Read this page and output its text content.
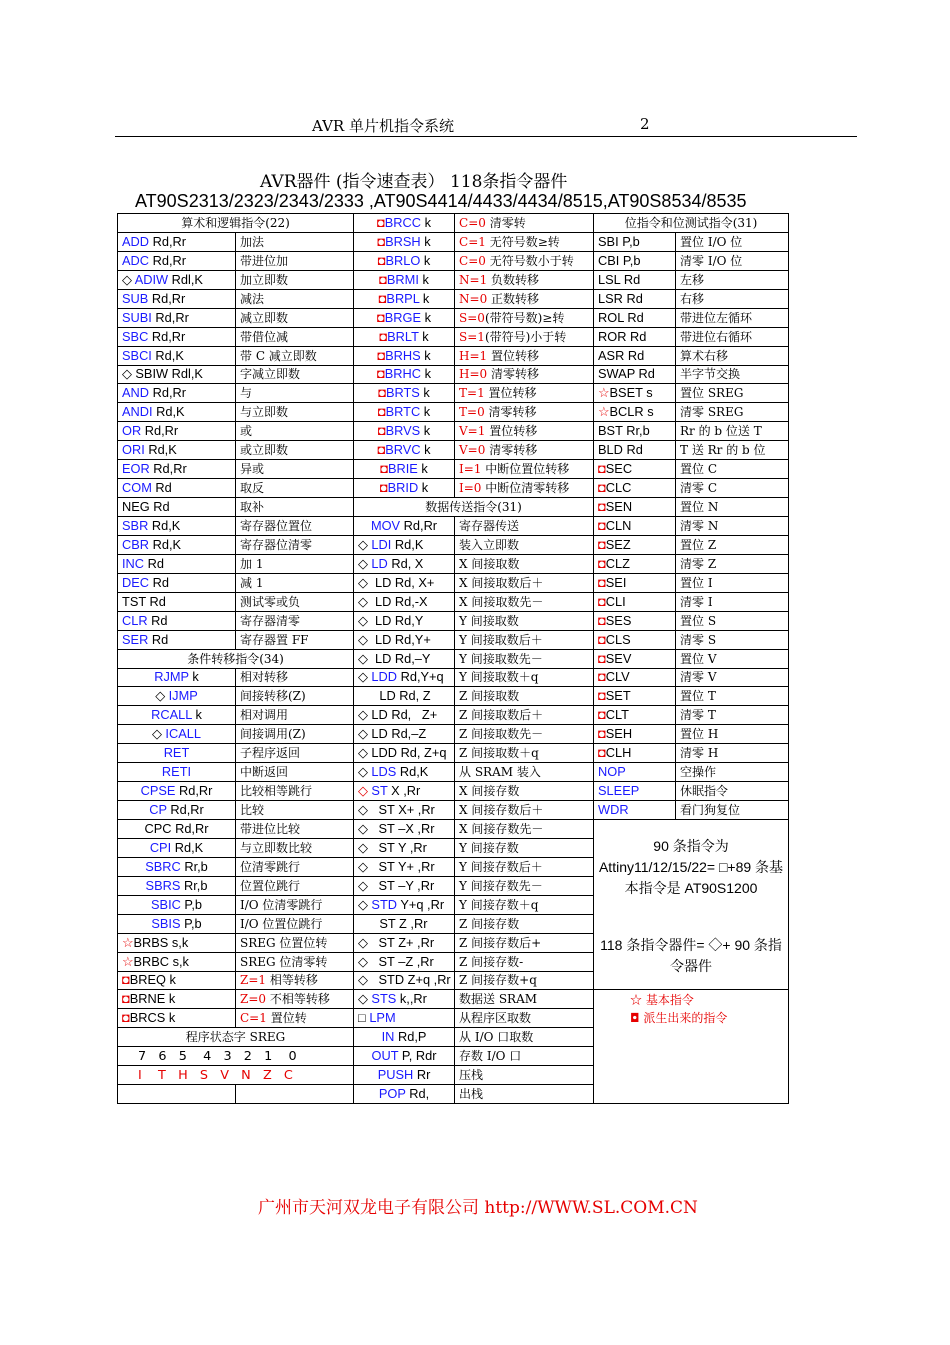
AVR 单片机指令系统	2
AVR器件 (指令速查表） 118条指令器件
AT90S2313/2323/2343/2333 ,AT90S4414/4433/4434/8515,AT90S8534/8535
算术和逻辑指令(22)		◘BRCC k	C=0 清零转	位指令和位测试指令(31)	
ADD Rd,Rr	加法	◘BRSH k	C=1 无符号数≥转	SBI P,b	置位 I/O 位
ADC Rd,Rr	带进位加	◘BRLO k	C=0 无符号数小于转	CBI P,b	清零 I/O 位
◇ ADIW Rdl,K	加立即数	◘BRMI k	N=1 负数转移	LSL Rd	左移
SUB Rd,Rr	减法	◘BRPL k	N=0 正数转移	LSR Rd	右移
SUBI Rd,Rr	减立即数	◘BRGE k	S=0(带符号数)≥转	ROL Rd	带进位左循环
SBC Rd,Rr	带借位减	◘BRLT k	S=1(带符号)小于转	ROR Rd	带进位右循环
SBCI Rd,K	带 C 减立即数	◘BRHS k	H=1 置位转移	ASR Rd	算术右移
◇ SBIW Rdl,K	字减立即数	◘BRHC k	H=0 清零转移	SWAP Rd	半字节交换
AND Rd,Rr	与	◘BRTS k	T=1 置位转移	☆BSET s	置位 SREG
ANDI Rd,K	与立即数	◘BRTC k	T=0 清零转移	☆BCLR s	清零 SREG
OR Rd,Rr	或	◘BRVS k	V=1 置位转移	BST Rr,b	Rr 的 b 位送 T
ORI Rd,K	或立即数	◘BRVC k	V=0 清零转移	BLD Rd	T 送 Rr 的 b 位
EOR Rd,Rr	异或	◘BRIE k	I=1 中断位置位转移	◘SEC	置位 C
COM Rd	取反	◘BRID k	I=0 中断位清零转移	◘CLC	清零 C
NEG Rd	取补	数据传送指令(31)		◘SEN	置位 N
SBR Rd,K	寄存器位置位	MOV Rd,Rr	寄存器传送	◘CLN	清零 N
CBR Rd,K	寄存器位清零	◇ LDI Rd,K	装入立即数	◘SEZ	置位 Z
INC Rd	加 1	◇ LD Rd, X	X 间接取数	◘CLZ	清零 Z
DEC Rd	减 1	◇  LD Rd, X+	X 间接取数后＋	◘SEI	置位 I
TST Rd	测试零或负	◇  LD Rd,-X	X 间接取数先－	◘CLI	清零 I
CLR Rd	寄存器清零	◇  LD Rd,Y	Y 间接取数	◘SES	置位 S
SER Rd	寄存器置 FF	◇  LD Rd,Y+	Y 间接取数后＋	◘CLS	清零 S
条件转移指令(34)		◇  LD Rd,–Y	Y 间接取数先－	◘SEV	置位 V
RJMP k	相对转移	◇ LDD Rd,Y+q	Y 间接取数＋q	◘CLV	清零 V
◇ IJMP	间接转移(Z)	LD Rd, Z	Z 间接取数	◘SET	置位 T
RCALL k	相对调用	◇ LD Rd,   Z+	Z 间接取数后＋	◘CLT	清零 T
◇ ICALL	间接调用(Z)	◇ LD Rd,–Z	Z 间接取数先－	◘SEH	置位 H
RET	子程序返回	◇ LDD Rd, Z+q	Z 间接取数＋q	◘CLH	清零 H
RETI	中断返回	◇ LDS Rd,K	从 SRAM 装入	NOP	空操作
CPSE Rd,Rr	比较相等跳行	◇ ST X ,Rr	X 间接存数	SLEEP	休眠指令
CP Rd,Rr	比较	◇   ST X+ ,Rr	X 间接存数后＋	WDR	看门狗复位
CPC Rd,Rr	带进位比较	◇   ST –X ,Rr	X 间接存数先－	90 条指令为 Attiny11/12/15/22= □+89 条基本指令是 AT90S1200	
CPI Rd,K	与立即数比较	◇   ST Y ,Rr	Y 间接存数		
SBRC Rr,b	位清零跳行	◇   ST Y+ ,Rr	Y 间接存数后＋		
SBRS Rr,b	位置位跳行	◇   ST –Y ,Rr	Y 间接存数先－		
SBIC P,b	I/O 位清零跳行	◇ STD Y+q ,Rr	Y 间接存数＋q		
SBIS P,b	I/O 位置位跳行	ST Z ,Rr	Z 间接存数		
☆BRBS s,k	SREG 位置位转	◇   ST Z+ ,Rr	Z 间接存数后+	118 条指令器件= ◇+ 90 条指令器件	
☆BRBC s,k	SREG 位清零转	◇   ST –Z ,Rr	Z 间接存数-		
◘BREQ k	Z=1 相等转移	◇   STD Z+q ,Rr	Z 间接存数+q		
◘BRNE k	Z=0 不相等转移	◇ STS k,,Rr	数据送 SRAM	☆ 基本指令	
◘BRCS k	C=1 置位转	□ LPM	从程序区取数	◘ 派生出来的指令	
程序状态字 SREG		IN Rd,P	从 I/O 口取数		
7   6   5    4   3   2   1    0		OUT P, Rdr	存数 I/O 口		
I    T   H   S   V   N   Z   C		PUSH Rr	压栈		
		POP Rd,	出栈		
广州市天河双龙电子有限公司 http://WWW.SL.COM.CN
